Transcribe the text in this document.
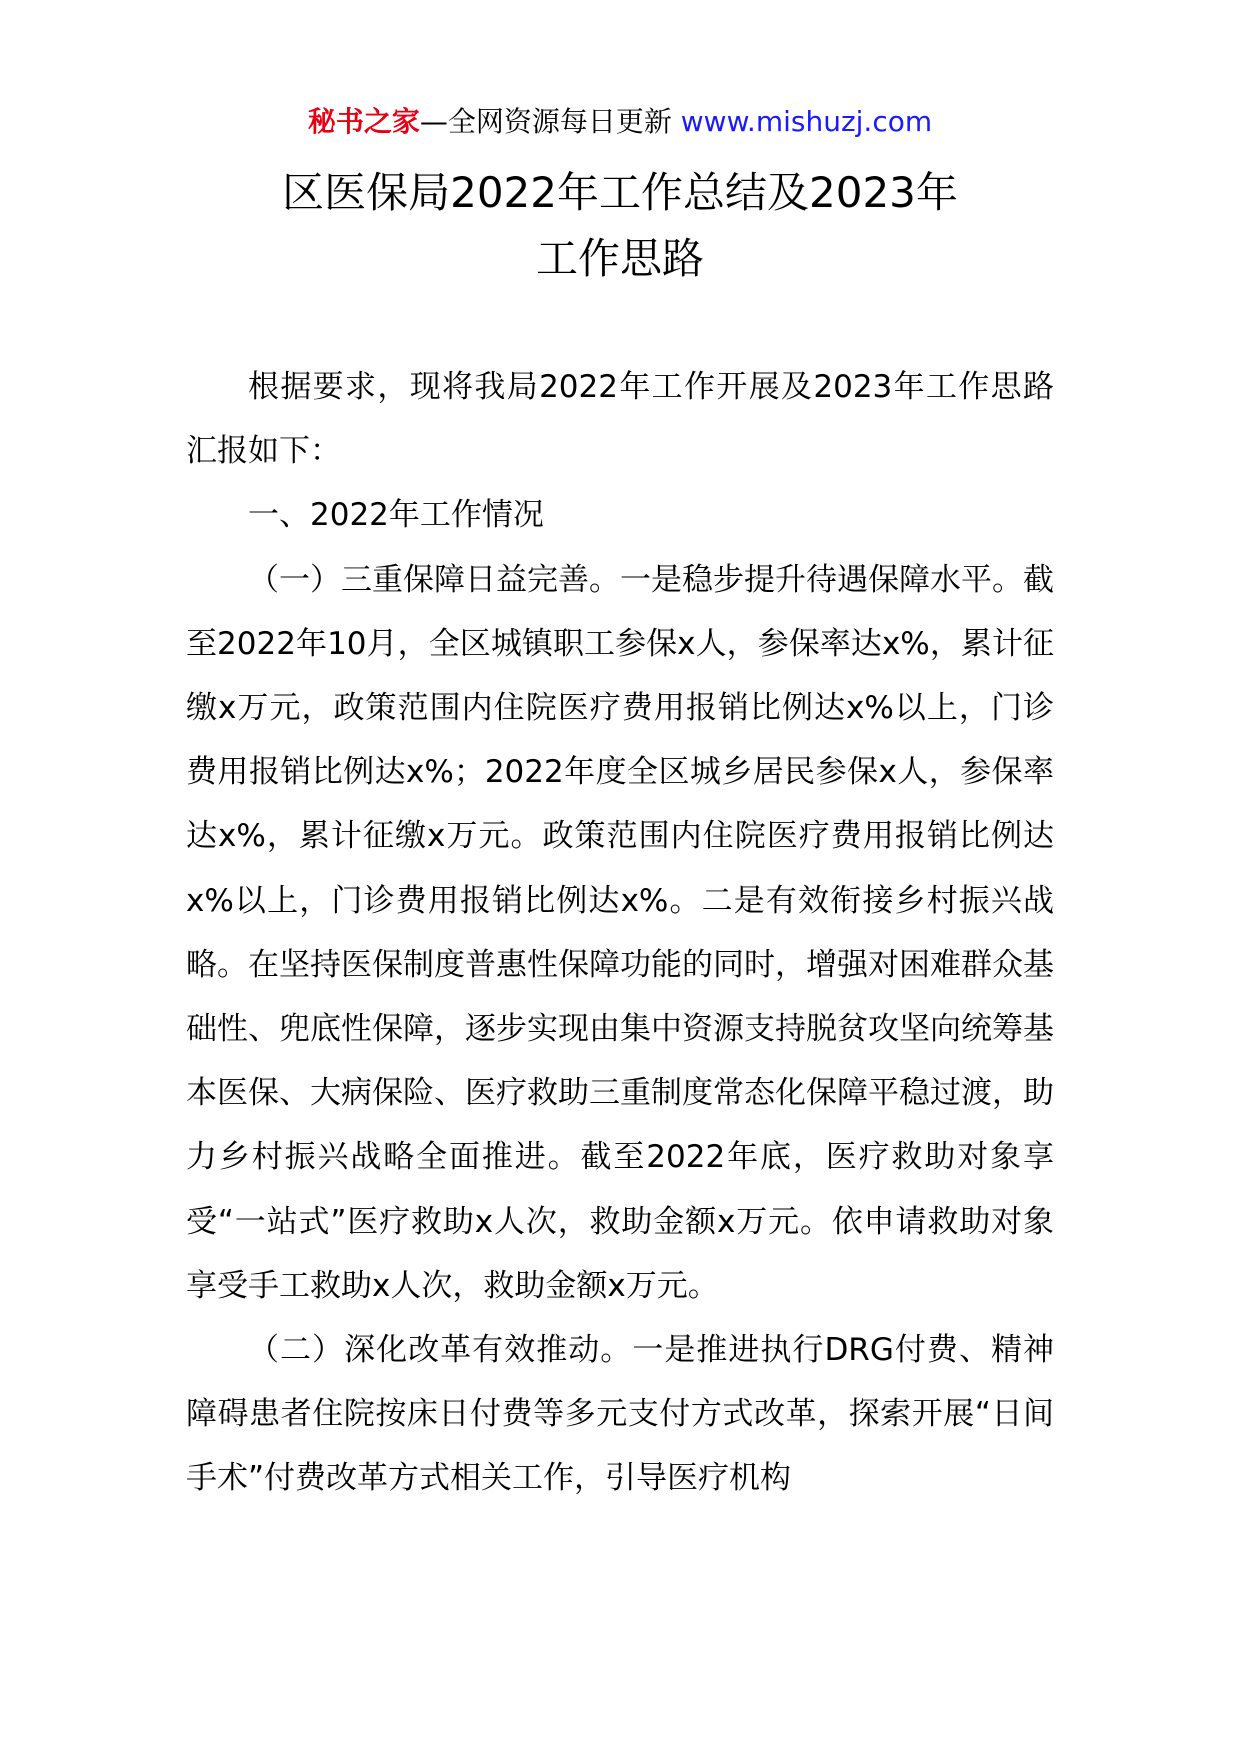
秘书之家—全网资源每日更新 www.mishuzj.com
区医保局2022年工作总结及2023年
工作思路

根据要求，现将我局2022年工作开展及2023年工作思路汇报如下：

一、2022年工作情况

（一）三重保障日益完善。一是稳步提升待遇保障水平。截至2022年10月，全区城镇职工参保x人，参保率达x%，累计征缴x万元，政策范围内住院医疗费用报销比例达x%以上，门诊费用报销比例达x%；2022年度全区城乡居民参保x人，参保率达x%，累计征缴x万元。政策范围内住院医疗费用报销比例达x%以上，门诊费用报销比例达x%。二是有效衔接乡村振兴战略。在坚持医保制度普惠性保障功能的同时，增强对困难群众基础性、兜底性保障，逐步实现由集中资源支持脱贫攻坚向统筹基本医保、大病保险、医疗救助三重制度常态化保障平稳过渡，助力乡村振兴战略全面推进。截至2022年底，医疗救助对象享受“一站式”医疗救助x人次，救助金额x万元。依申请救助对象享受手工救助x人次，救助金额x万元。

（二）深化改革有效推动。一是推进执行DRG付费、精神障碍患者住院按床日付费等多元支付方式改革，探索开展“日间手术”付费改革方式相关工作，引导医疗机构
